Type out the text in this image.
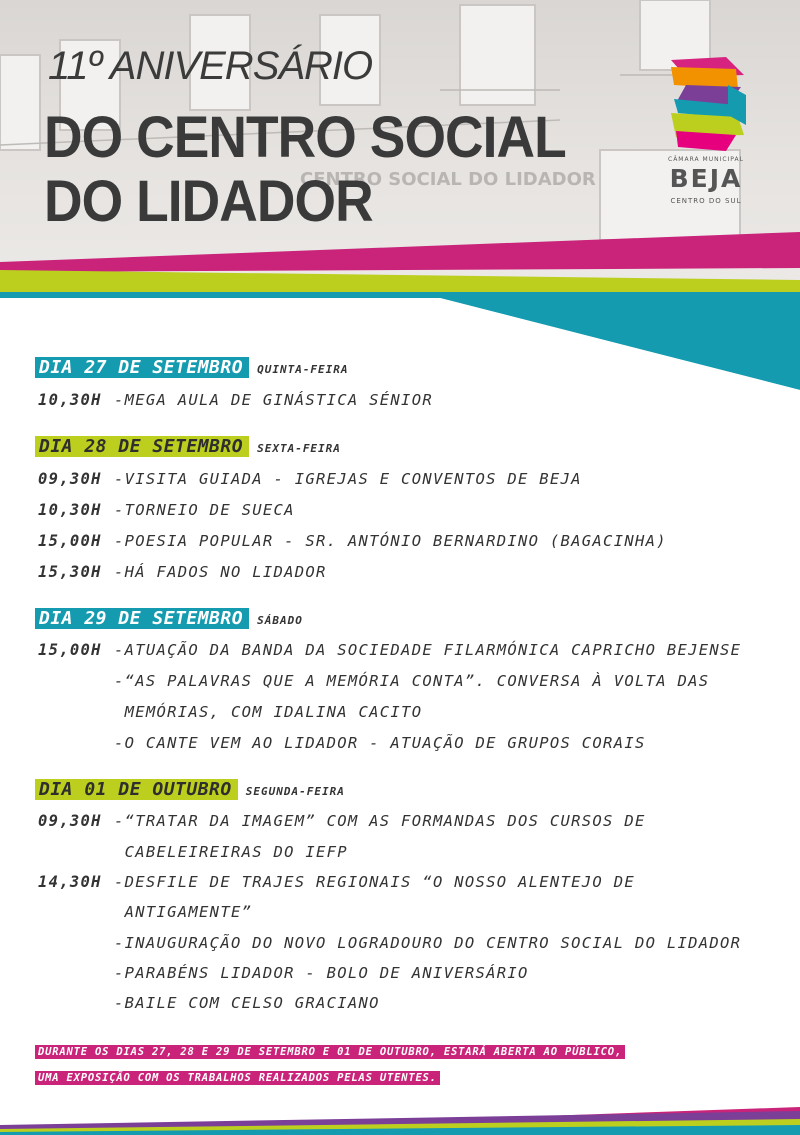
CENTRO SOCIAL DO LIDADOR
11º ANIVERSÁRIO
DO CENTRO SOCIAL
DO LIDADOR
CÂMARA MUNICIPAL
BEJA
CENTRO DO SUL
DIA 27 DE SETEMBRO	QUINTA-FEIRA
10,30H -MEGA AULA DE GINÁSTICA SÉNIOR
DIA 28 DE SETEMBRO	SEXTA-FEIRA
09,30H -VISITA GUIADA - IGREJAS E CONVENTOS DE BEJA
10,30H -TORNEIO DE SUECA
15,00H -POESIA POPULAR - SR. ANTÓNIO BERNARDINO (BAGACINHA)
15,30H -HÁ FADOS NO LIDADOR
DIA 29 DE SETEMBRO	SÁBADO
15,00H -ATUAÇÃO DA BANDA DA SOCIEDADE FILARMÓNICA CAPRICHO BEJENSE
-“AS PALAVRAS QUE A MEMÓRIA CONTA”. CONVERSA À VOLTA DAS
MEMÓRIAS, COM IDALINA CACITO
-O CANTE VEM AO LIDADOR - ATUAÇÃO DE GRUPOS CORAIS
DIA 01 DE OUTUBRO	SEGUNDA-FEIRA
09,30H -“TRATAR DA IMAGEM” COM AS FORMANDAS DOS CURSOS DE
CABELEIREIRAS DO IEFP
14,30H -DESFILE DE TRAJES REGIONAIS “O NOSSO ALENTEJO DE
ANTIGAMENTE”
-INAUGURAÇÃO DO NOVO LOGRADOURO DO CENTRO SOCIAL DO LIDADOR
-PARABÉNS LIDADOR - BOLO DE ANIVERSÁRIO
-BAILE COM CELSO GRACIANO
DURANTE OS DIAS 27, 28 E 29 DE SETEMBRO E 01 DE OUTUBRO, ESTARÁ ABERTA AO PÚBLICO,
UMA EXPOSIÇÃO COM OS TRABALHOS REALIZADOS PELAS UTENTES.
